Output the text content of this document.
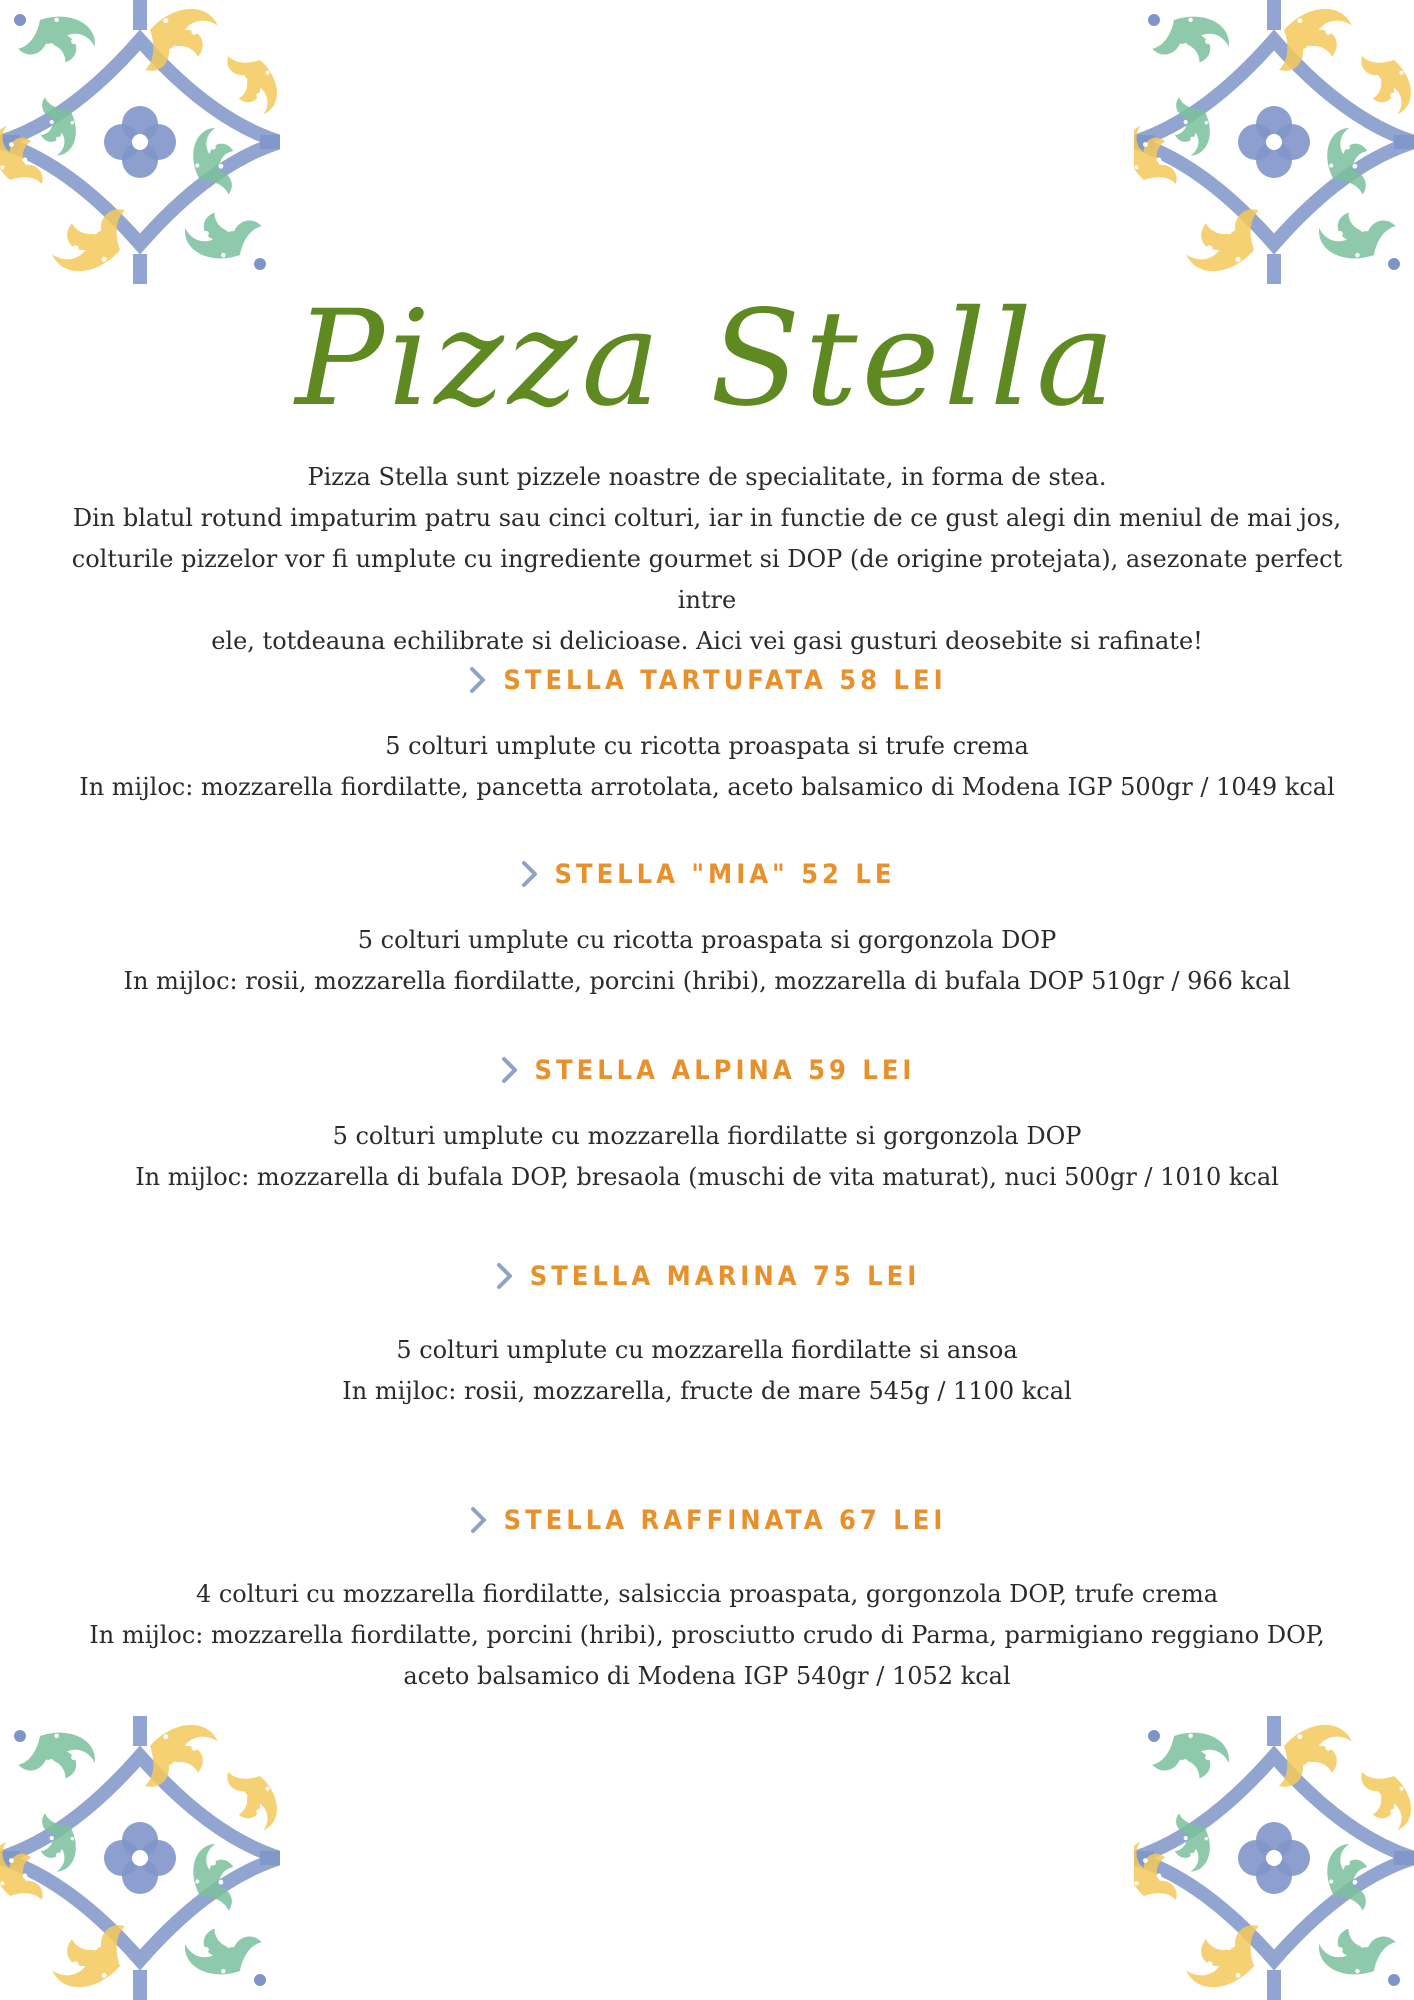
Pizza Stella

Pizza Stella sunt pizzele noastre de specialitate, in forma de stea.

Din blatul rotund impaturim patru sau cinci colturi, iar in functie de ce gust alegi din meniul de mai jos,

colturile pizzelor vor fi umplute cu ingrediente gourmet si DOP (de origine protejata), asezonate perfect intre

ele, totdeauna echilibrate si delicioase. Aici vei gasi gusturi deosebite si rafinate!

STELLA TARTUFATA 58 LEI

5 colturi umplute cu ricotta proaspata si trufe crema

In mijloc: mozzarella fiordilatte, pancetta arrotolata, aceto balsamico di Modena IGP 500gr / 1049 kcal

STELLA "MIA" 52 LE

5 colturi umplute cu ricotta proaspata si gorgonzola DOP

In mijloc: rosii, mozzarella fiordilatte, porcini (hribi), mozzarella di bufala DOP 510gr / 966 kcal

STELLA ALPINA 59 LEI

5 colturi umplute cu mozzarella fiordilatte si gorgonzola DOP

In mijloc: mozzarella di bufala DOP, bresaola (muschi de vita maturat), nuci 500gr / 1010 kcal

STELLA MARINA 75 LEI

5 colturi umplute cu mozzarella fiordilatte si ansoa

In mijloc: rosii, mozzarella, fructe de mare 545g / 1100 kcal

STELLA RAFFINATA 67 LEI

4 colturi cu mozzarella fiordilatte, salsiccia proaspata, gorgonzola DOP, trufe crema

In mijloc: mozzarella fiordilatte, porcini (hribi), prosciutto crudo di Parma, parmigiano reggiano DOP,

aceto balsamico di Modena IGP 540gr / 1052 kcal
